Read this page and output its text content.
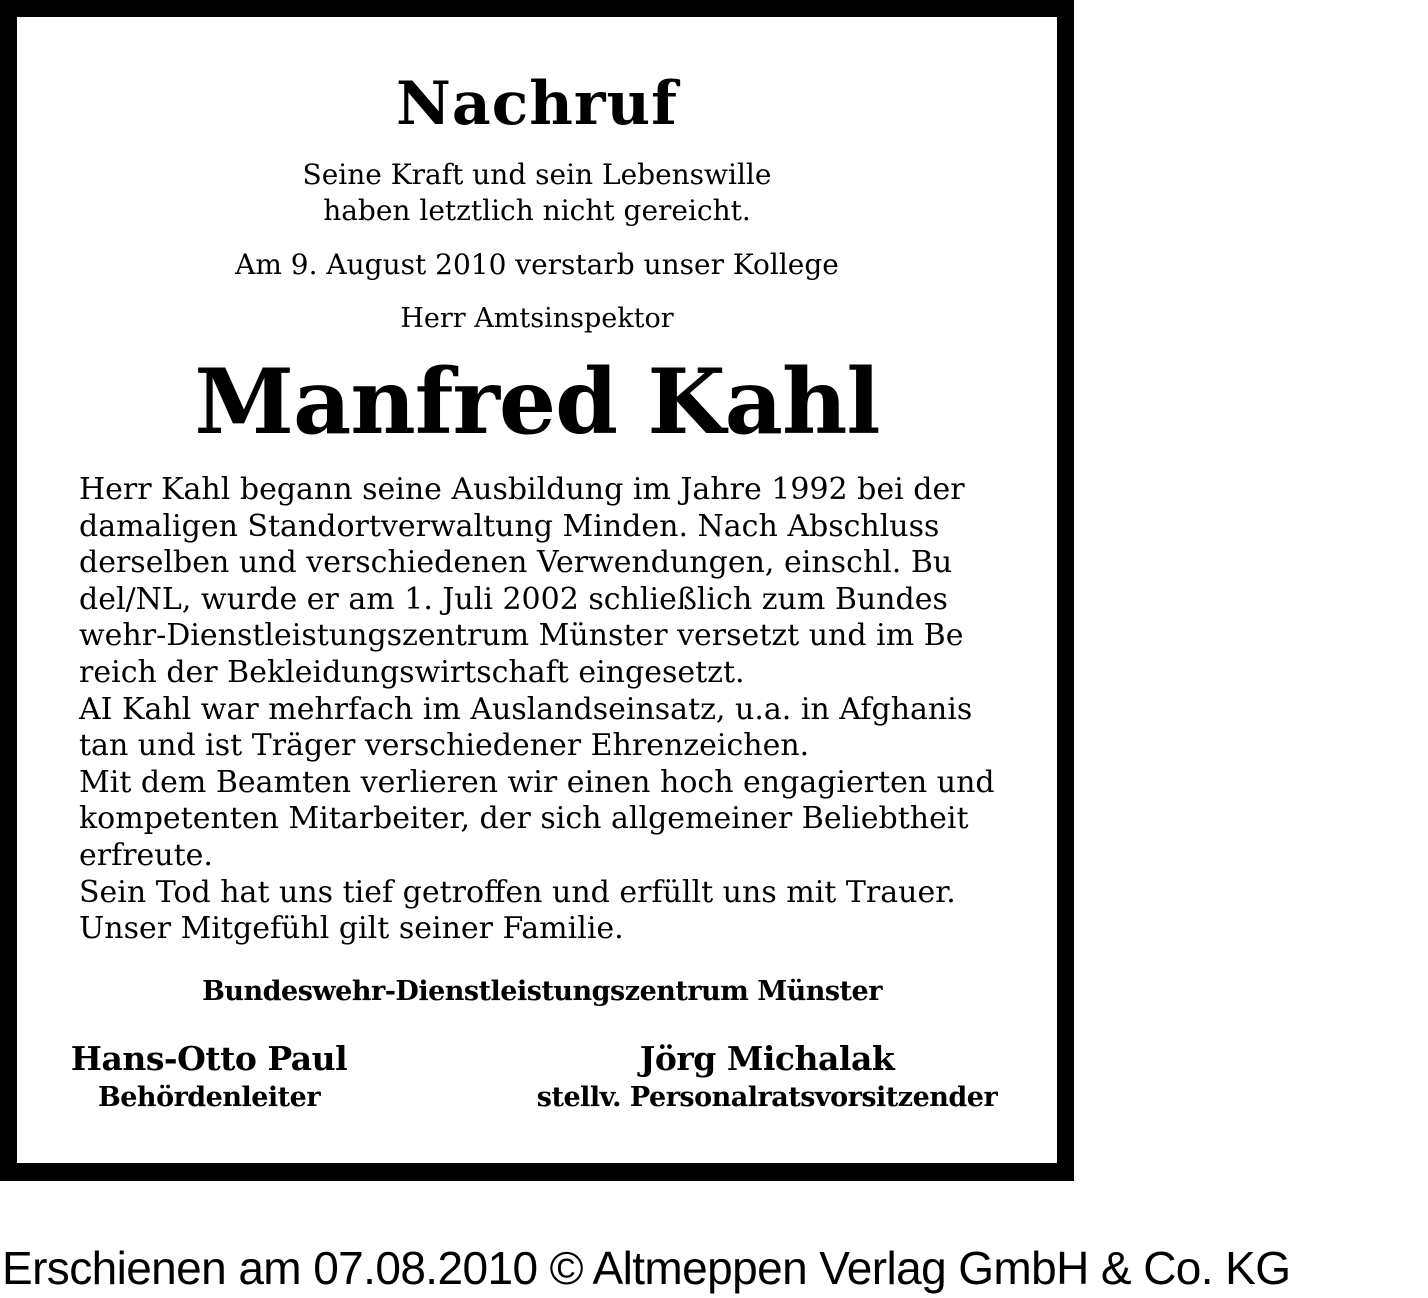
Nachruf
Seine Kraft und sein Lebenswille
haben letztlich nicht gereicht.
Am 9. August 2010 verstarb unser Kollege
Herr Amtsinspektor
Manfred Kahl
Herr Kahl begann seine Ausbildung im Jahre 1992 bei der
damaligen Standortverwaltung Minden. Nach Abschluss
derselben und verschiedenen Verwendungen, einschl. Bu
del/NL, wurde er am 1. Juli 2002 schließlich zum Bundes
wehr-Dienstleistungszentrum Münster versetzt und im Be
reich der Bekleidungswirtschaft eingesetzt.
AI Kahl war mehrfach im Auslandseinsatz, u.a. in Afghanis
tan und ist Träger verschiedener Ehrenzeichen.
Mit dem Beamten verlieren wir einen hoch engagierten und
kompetenten Mitarbeiter, der sich allgemeiner Beliebtheit
erfreute.
Sein Tod hat uns tief getroffen und erfüllt uns mit Trauer.
Unser Mitgefühl gilt seiner Familie.
Bundeswehr-Dienstleistungszentrum Münster
Hans-Otto Paul
Behördenleiter
Jörg Michalak
stellv. Personalratsvorsitzender
Erschienen am 07.08.2010 © Altmeppen Verlag GmbH & Co. KG
